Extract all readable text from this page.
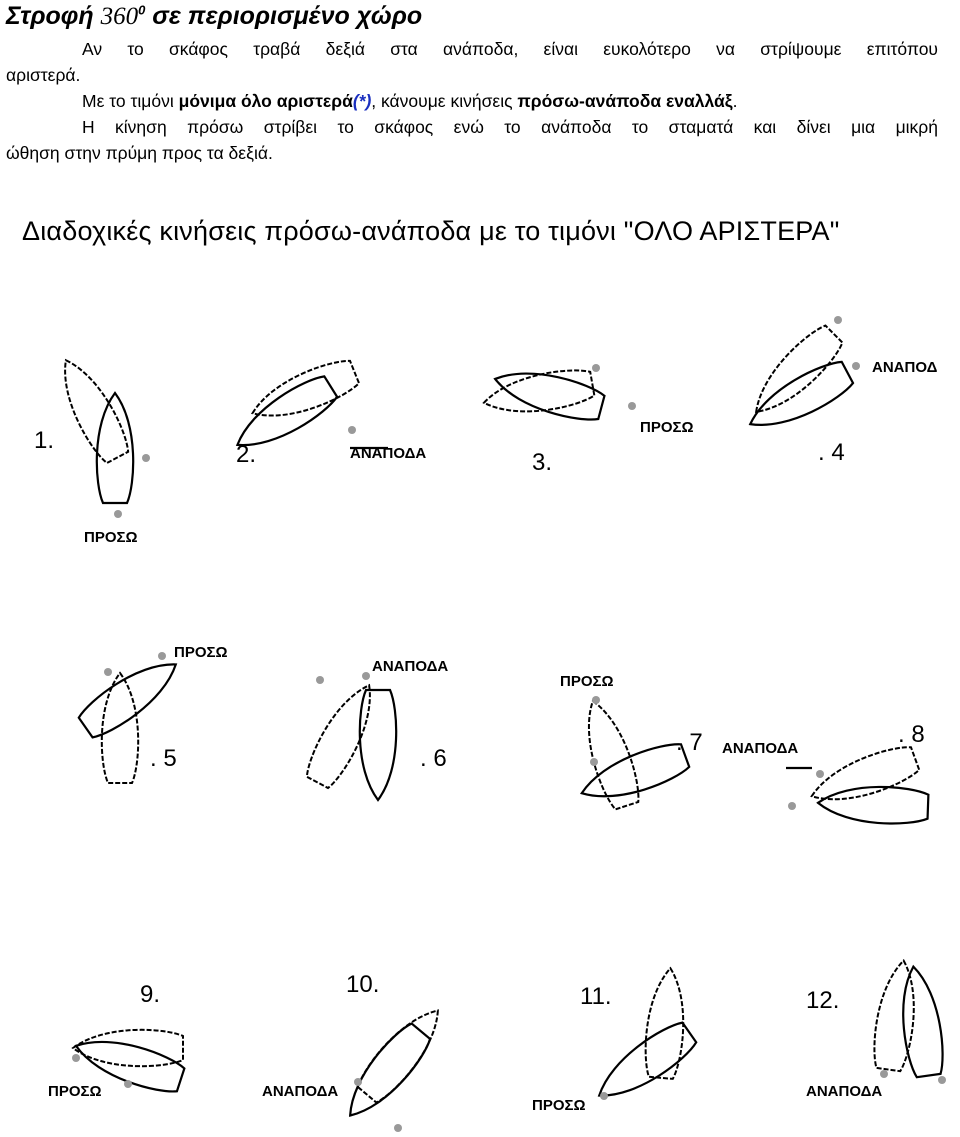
Στροφή $360^0$ σε περιορισμένο χώρο
Αν το σκάφος τραβά δεξιά στα ανάποδα, είναι ευκολότερο να στρίψουμε επιτόπου
αριστερά.
Με το τιμόνι μόνιμα όλο αριστερά(*), κάνουμε κινήσεις πρόσω-ανάποδα εναλλάξ.
Η κίνηση πρόσω στρίβει το σκάφος ενώ το ανάποδα το σταματά και δίνει μια μικρή
ώθηση στην πρύμη προς τα δεξιά.
Διαδοχικές κινήσεις πρόσω-ανάποδα με το τιμόνι "ΟΛΟ ΑΡΙΣΤΕΡΑ"
1.
ΠΡΟΣΩ
2.	ΑΝΑΠΟΔΑ	3.
ΠΡΟΣΩ
. 4
ΑΝΑΠΟΔ
. 5
ΠΡΟΣΩ
. 6
ΑΝΑΠΟΔΑ
. 7
ΠΡΟΣΩ
. 8
ΑΝΑΠΟΔΑ
9.
ΠΡΟΣΩ
10.
ΑΝΑΠΟΔΑ
11.
ΠΡΟΣΩ
12.
ΑΝΑΠΟΔΑ
